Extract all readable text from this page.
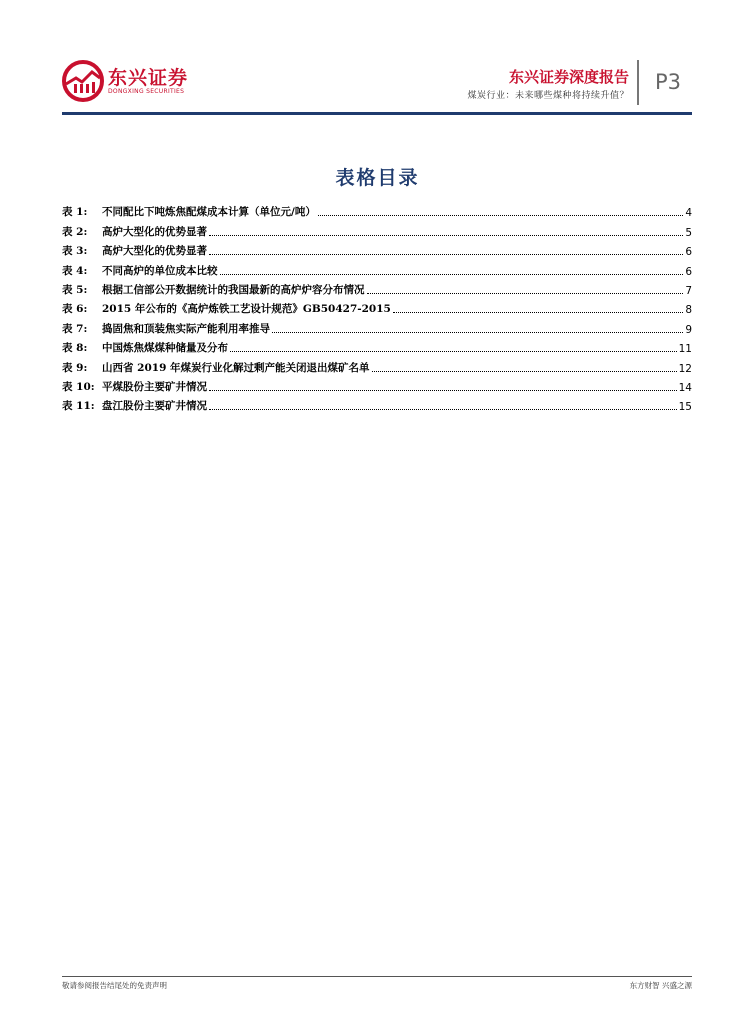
东兴证券
DONGXING SECURITIES
东兴证券深度报告
煤炭行业：未来哪些煤种将持续升值？
P3
表格目录
表 1:	不同配比下吨炼焦配煤成本计算（单位元/吨）	4
表 2:	高炉大型化的优势显著	5
表 3:	高炉大型化的优势显著	6
表 4:	不同高炉的单位成本比较	6
表 5:	根据工信部公开数据统计的我国最新的高炉炉容分布情况	7
表 6:	2015 年公布的《高炉炼铁工艺设计规范》GB50427-2015	8
表 7:	捣固焦和顶装焦实际产能利用率推导	9
表 8:	中国炼焦煤煤种储量及分布	11
表 9:	山西省 2019 年煤炭行业化解过剩产能关闭退出煤矿名单	12
表 10: 平煤股份主要矿井情况	14
表 11: 盘江股份主要矿井情况	15
敬请参阅报告结尾处的免责声明	东方财智 兴盛之源
